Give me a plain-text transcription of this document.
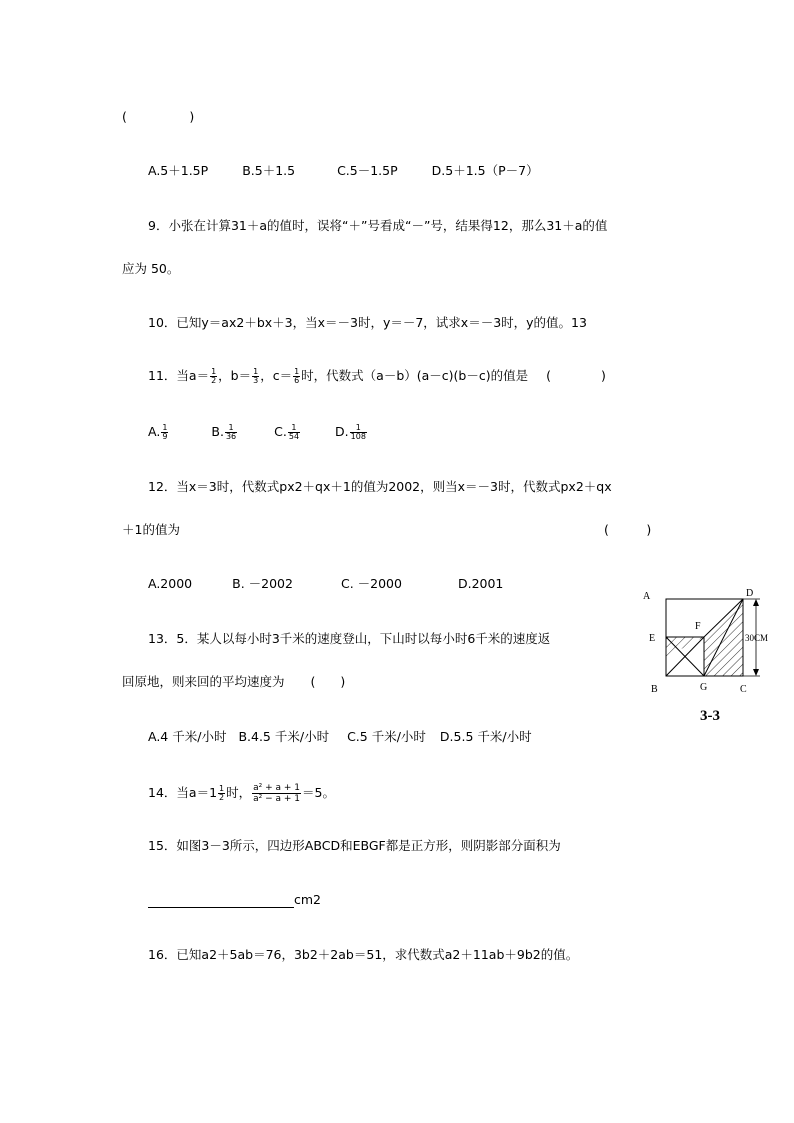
(　　　　　)
A.5＋1.5P	B.5＋1.5	C.5－1.5P	D.5＋1.5（P－7）
9．小张在计算31＋a的值时，误将“＋”号看成“－”号，结果得12，那么31＋a的值
应为 50。
10．已知y＝ax2＋bx＋3，当x＝－3时，y＝－7，试求x＝－3时，y的值。13
11．当$a= \frac{1}{2}$ ，$b= \frac{1}{3}$ ，$c= \frac{1}{6}$ 时，代数式（a－b）(a－c)(b－c)的值是 (　　　　)
A. $\frac{1}{9}$	B. $\frac{1}{36}$	C. $\frac{1}{54}$	D. $\frac{1}{108}$
12．当x＝3时，代数式px2＋qx＋1的值为2002，则当x＝－3时，代数式px2＋qx
＋1的值为	(　　　)
A.2000	B. －2002	C. －2000	D.2001
13．5．某人以每小时3千米的速度登山，下山时以每小时6千米的速度返
回原地，则来回的平均速度为 (　　)
A.4 千米/小时 B.4.5 千米/小时 C.5 千米/小时 D.5.5 千米/小时
14．当$a=1 \frac{1}{2}$ 时， $\frac{\text{a² + a + 1}}{\text{a² − a + 1}} =5$。
15．如图3－3所示，四边形ABCD和EBGF都是正方形，则阴影部分面积为
cm2
16．已知a2＋5ab＝76，3b2＋2ab＝51，求代数式a2＋11ab＋9b2的值。
A	D
E
F
B	G	C
30CM
3-3
